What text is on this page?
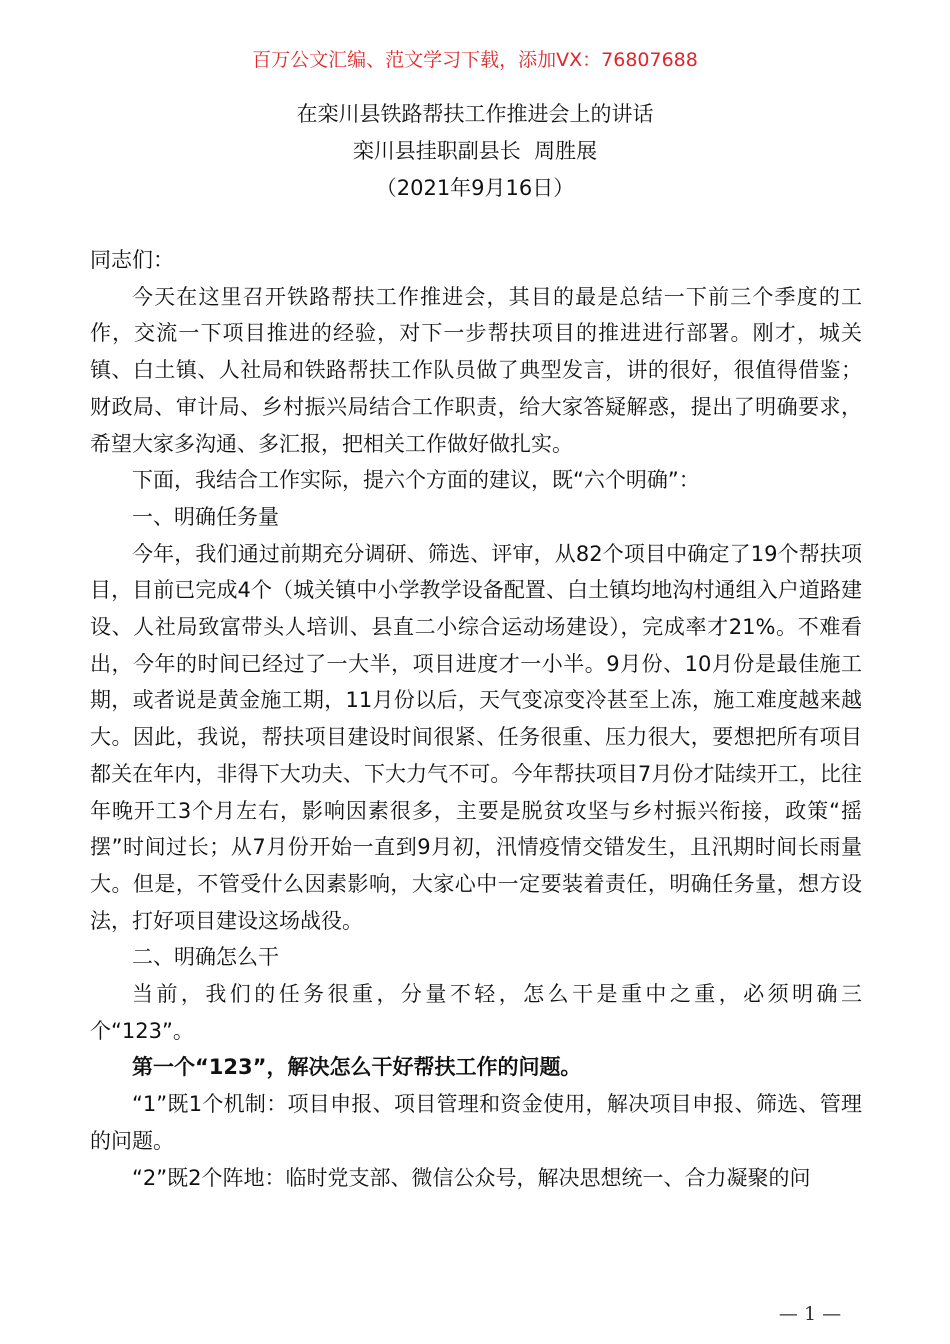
百万公文汇编、范文学习下载，添加VX：76807688
在栾川县铁路帮扶工作推进会上的讲话
栾川县挂职副县长  周胜展
（2021年9月16日）

同志们：

今天在这里召开铁路帮扶工作推进会，其目的最是总结一下前三个季度的工作，交流一下项目推进的经验，对下一步帮扶项目的推进进行部署。刚才，城关镇、白土镇、人社局和铁路帮扶工作队员做了典型发言，讲的很好，很值得借鉴；财政局、审计局、乡村振兴局结合工作职责，给大家答疑解惑，提出了明确要求，希望大家多沟通、多汇报，把相关工作做好做扎实。

下面，我结合工作实际，提六个方面的建议，既“六个明确”：

一、明确任务量

今年，我们通过前期充分调研、筛选、评审，从82个项目中确定了19个帮扶项目，目前已完成4个（城关镇中小学教学设备配置、白土镇均地沟村通组入户道路建设、人社局致富带头人培训、县直二小综合运动场建设），完成率才21%。不难看出，今年的时间已经过了一大半，项目进度才一小半。9月份、10月份是最佳施工期，或者说是黄金施工期，11月份以后，天气变凉变冷甚至上冻，施工难度越来越大。因此，我说，帮扶项目建设时间很紧、任务很重、压力很大，要想把所有项目都关在年内，非得下大功夫、下大力气不可。今年帮扶项目7月份才陆续开工，比往年晚开工3个月左右，影响因素很多，主要是脱贫攻坚与乡村振兴衔接，政策“摇摆”时间过长；从7月份开始一直到9月初，汛情疫情交错发生，且汛期时间长雨量大。但是，不管受什么因素影响，大家心中一定要装着责任，明确任务量，想方设法，打好项目建设这场战役。

二、明确怎么干

当前，我们的任务很重，分量不轻，怎么干是重中之重，必须明确三个“123”。

第一个“123”，解决怎么干好帮扶工作的问题。

“1”既1个机制：项目申报、项目管理和资金使用，解决项目申报、筛选、管理的问题。

“2”既2个阵地：临时党支部、微信公众号，解决思想统一、合力凝聚的问

— 1 —
